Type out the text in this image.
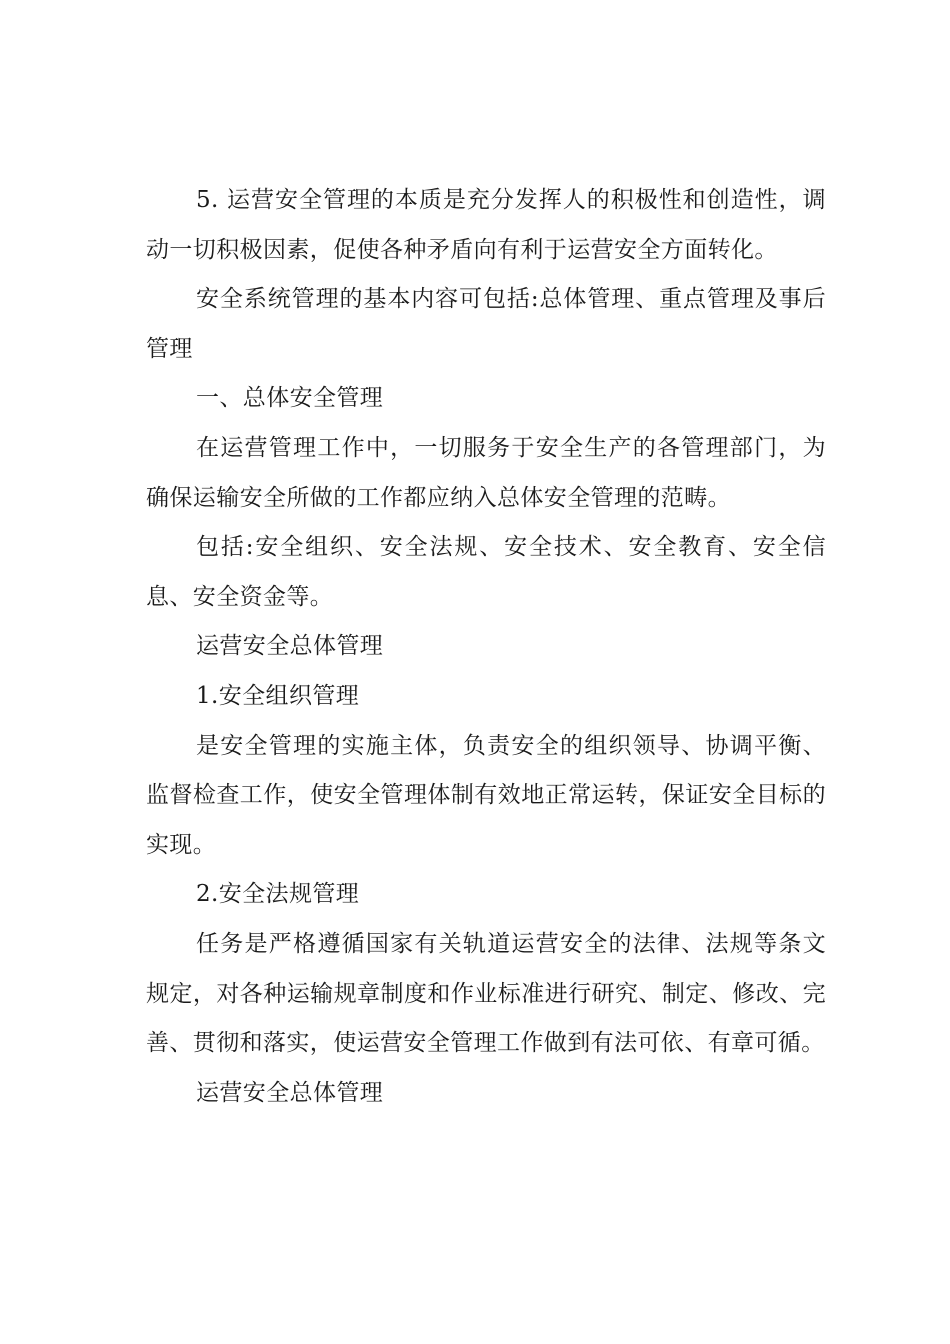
5. 运营安全管理的本质是充分发挥人的积极性和创造性，调动一切积极因素，促使各种矛盾向有利于运营安全方面转化。

安全系统管理的基本内容可包括:总体管理、重点管理及事后管理

一、总体安全管理

在运营管理工作中，一切服务于安全生产的各管理部门，为确保运输安全所做的工作都应纳入总体安全管理的范畴。

包括:安全组织、安全法规、安全技术、安全教育、安全信息、安全资金等。

运营安全总体管理

1.安全组织管理

是安全管理的实施主体，负责安全的组织领导、协调平衡、监督检查工作，使安全管理体制有效地正常运转，保证安全目标的实现。

2.安全法规管理

任务是严格遵循国家有关轨道运营安全的法律、法规等条文规定，对各种运输规章制度和作业标准进行研究、制定、修改、完善、贯彻和落实，使运营安全管理工作做到有法可依、有章可循。

运营安全总体管理
